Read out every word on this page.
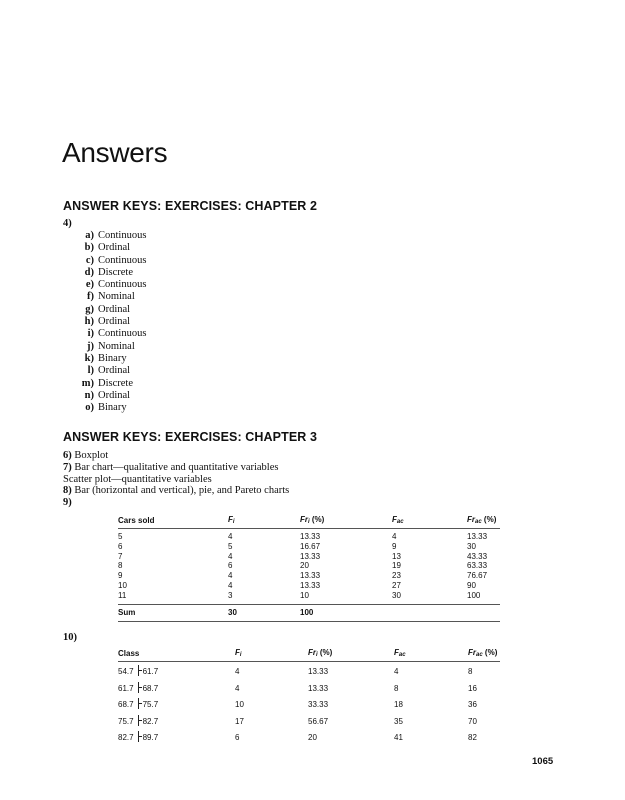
Answers
ANSWER KEYS: EXERCISES: CHAPTER 2
4)
a) Continuous
b) Ordinal
c) Continuous
d) Discrete
e) Continuous
f) Nominal
g) Ordinal
h) Ordinal
i) Continuous
j) Nominal
k) Binary
l) Ordinal
m) Discrete
n) Ordinal
o) Binary
ANSWER KEYS: EXERCISES: CHAPTER 3
6) Boxplot
7) Bar chart—qualitative and quantitative variables
Scatter plot—quantitative variables
8) Bar (horizontal and vertical), pie, and Pareto charts
9)
Cars sold	Fi	Fri (%)	Fac	Frac (%)
5	4	13.33	4	13.33
6	5	16.67	9	30
7	4	13.33	13	43.33
8	6	20	19	63.33
9	4	13.33	23	76.67
10	4	13.33	27	90
11	3	10	30	100
Sum	30	100		
10)
Class	Fi	Fri (%)	Fac	Frac (%)
54.7 61.7	4	13.33	4	8
61.7 68.7	4	13.33	8	16
68.7 75.7	10	33.33	18	36
75.7 82.7	17	56.67	35	70
82.7 89.7	6	20	41	82
1065
